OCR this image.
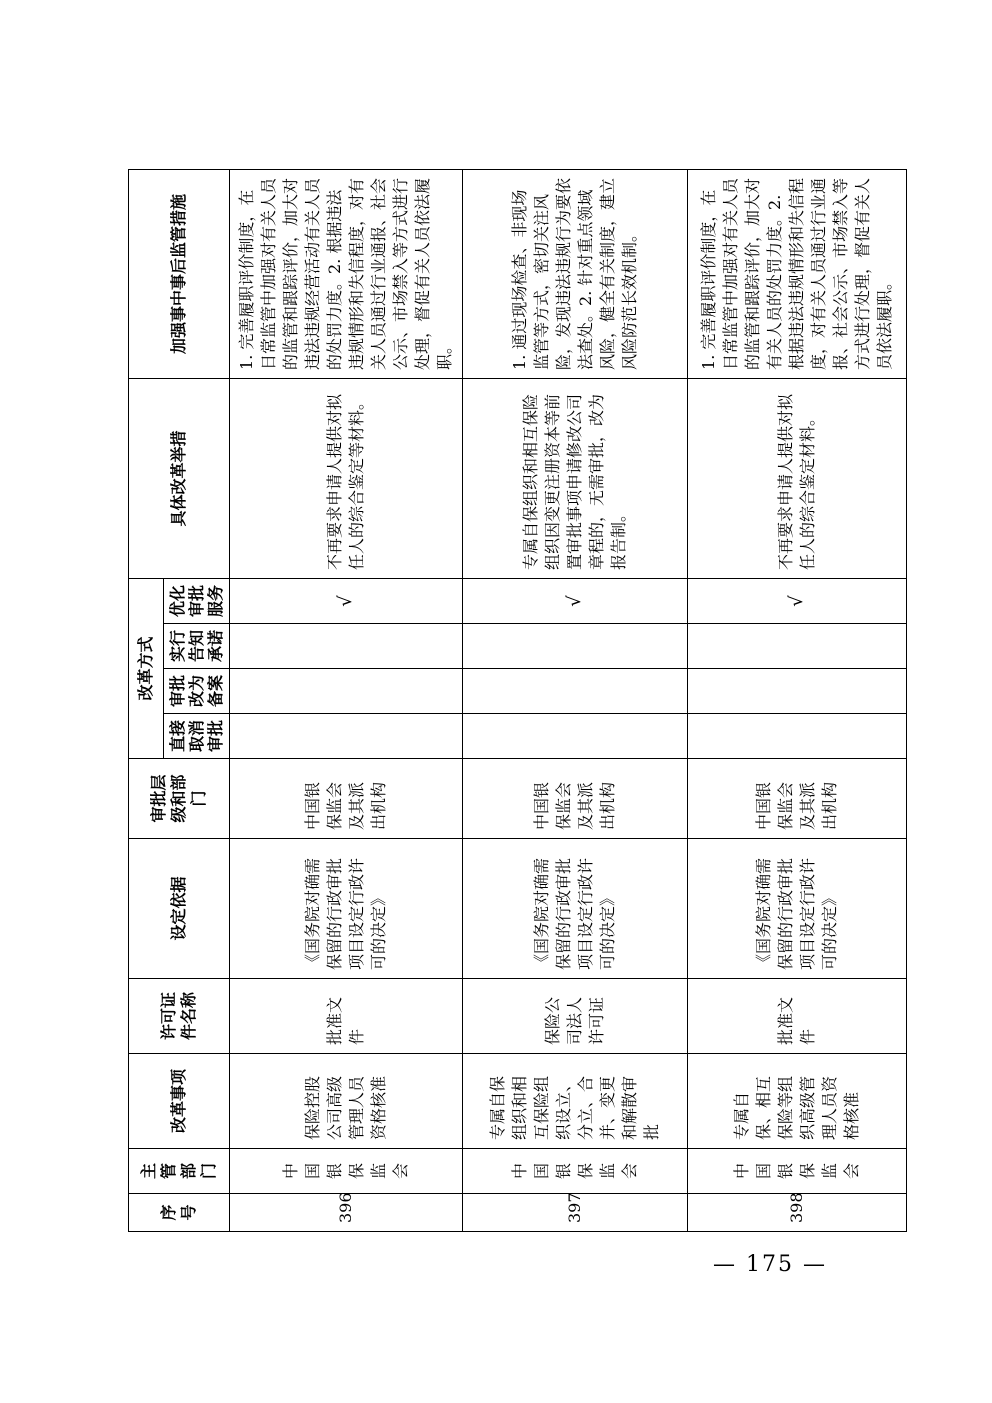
序号	主管部门	改革事项	许可证件名称	设定依据	审批层级和部门	改革方式				具体改革举措	加强事中事后监管措施
						直接取消审批	审批改为备案	实行告知承诺	优化审批服务		
396	中国银保监会	保险控股公司高级管理人员资格核准	批准文件	《国务院对确需保留的行政审批项目设定行政许可的决定》	中国银保监会及其派出机构				√	不再要求申请人提供对拟任人的综合鉴定等材料。	1. 完善履职评价制度，在日常监管中加强对有关人员的监管和跟踪评价，加大对违法违规经营活动有关人员的处罚力度。2. 根据违法违规情形和失信程度，对有关人员通过行业通报、社会公示、市场禁入等方式进行处理，督促有关人员依法履职。
397	中国银保监会	专属自保组织和相互保险组织设立、分立、合并、变更和解散审批	保险公司法人许可证	《国务院对确需保留的行政审批项目设定行政许可的决定》	中国银保监会及其派出机构				√	专属自保组织和相互保险组织因变更注册资本等前置审批事项申请修改公司章程的，无需审批，改为报告制。	1. 通过现场检查、非现场监管等方式，密切关注风险，发现违法违规行为要依法查处。2. 针对重点领域风险，健全有关制度，建立风险防范长效机制。
398	中国银保监会	专属自保、相互保险等组织高级管理人员资格核准	批准文件	《国务院对确需保留的行政审批项目设定行政许可的决定》	中国银保监会及其派出机构				√	不再要求申请人提供对拟任人的综合鉴定材料。	1. 完善履职评价制度，在日常监管中加强对有关人员的监管和跟踪评价，加大对有关人员的处罚力度。2. 根据违法违规情形和失信程度，对有关人员通过行业通报、社会公示、市场禁入等方式进行处理，督促有关人员依法履职。
— 175 —
